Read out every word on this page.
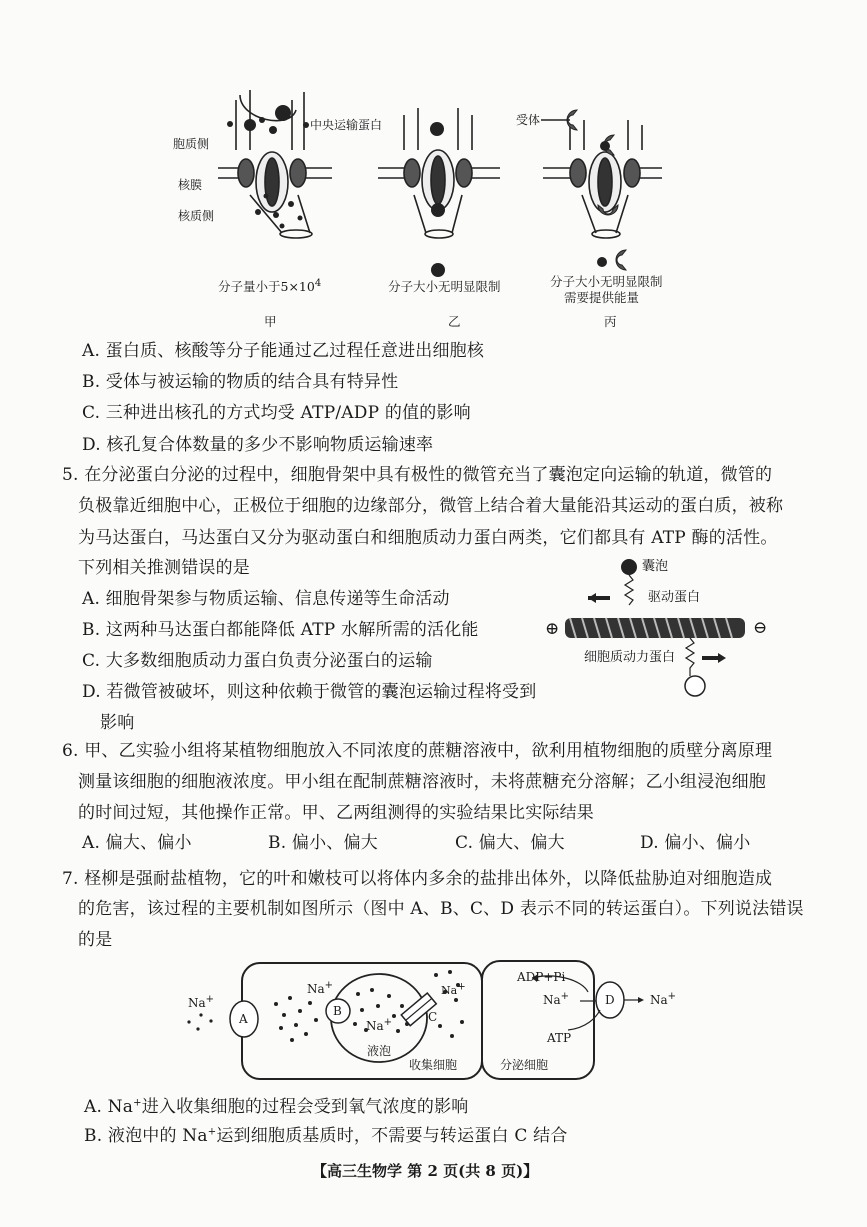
胞质侧
核膜
核质侧
中央运输蛋白	受体
分子量小于$5\times 10^4$	分子大小无明显限制	分子大小无明显限制
需要提供能量
甲	乙	丙
A. 蛋白质、核酸等分子能通过乙过程任意进出细胞核
B. 受体与被运输的物质的结合具有特异性
C. 三种进出核孔的方式均受 ATP/ADP 的值的影响
D. 核孔复合体数量的多少不影响物质运输速率
5. 在分泌蛋白分泌的过程中，细胞骨架中具有极性的微管充当了囊泡定向运输的轨道，微管的
负极靠近细胞中心，正极位于细胞的边缘部分，微管上结合着大量能沿其运动的蛋白质，被称
为马达蛋白，马达蛋白又分为驱动蛋白和细胞质动力蛋白两类，它们都具有 ATP 酶的活性。
下列相关推测错误的是
A. 细胞骨架参与物质运输、信息传递等生命活动
B. 这两种马达蛋白都能降低 ATP 水解所需的活化能
C. 大多数细胞质动力蛋白负责分泌蛋白的运输
D. 若微管被破坏，则这种依赖于微管的囊泡运输过程将受到
影响
囊泡
驱动蛋白
细胞质动力蛋白
⊕	⊖
6. 甲、乙实验小组将某植物细胞放入不同浓度的蔗糖溶液中，欲利用植物细胞的质壁分离原理
测量该细胞的细胞液浓度。甲小组在配制蔗糖溶液时，未将蔗糖充分溶解；乙小组浸泡细胞
的时间过短，其他操作正常。甲、乙两组测得的实验结果比实际结果
A. 偏大、偏小	B. 偏小、偏大	C. 偏大、偏大	D. 偏小、偏小
7. 柽柳是强耐盐植物，它的叶和嫩枝可以将体内多余的盐排出体外，以降低盐胁迫对细胞造成
的危害，该过程的主要机制如图所示（图中 A、B、C、D 表示不同的转运蛋白）。下列说法错误
的是
Na+
Na+
Na+
Na+
Na+	Na+
ADP+Pi
ATP
A
B	C
D
液泡
收集细胞	分泌细胞
A. Na+进入收集细胞的过程会受到氧气浓度的影响
B. 液泡中的 Na+运到细胞质基质时，不需要与转运蛋白 C 结合
【高三生物学 第 2 页(共 8 页)】
